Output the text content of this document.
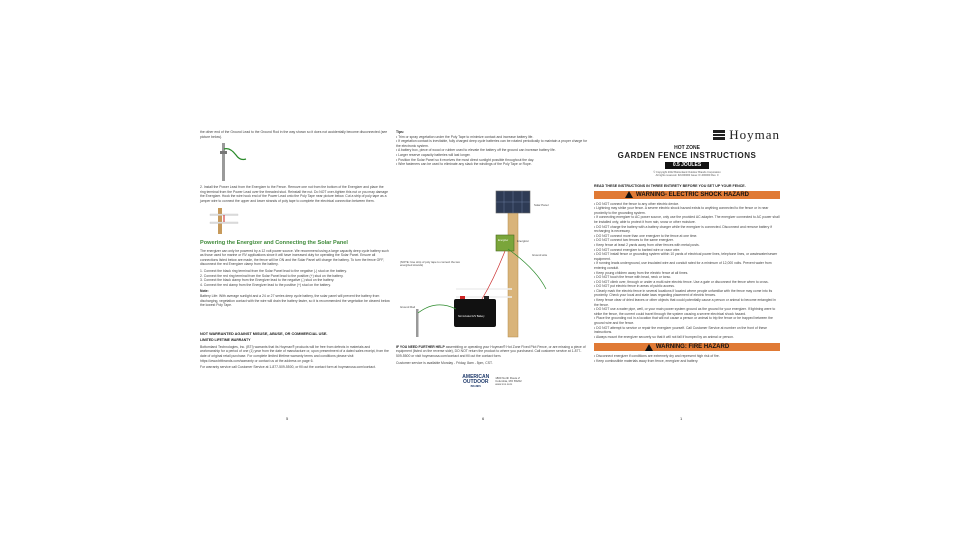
the other end of the Ground Lead to the Ground Rod in the way shown so it does not accidentally become disconnected (see picture below).

2. Install the Power Lead from the Energizer to the Fence. Remove one nut from the bottom of the Energizer and place the ring terminal from the Power Lead over the threaded stud. Reinstall the nut. Do NOT over-tighten this nut or you may damage the Energizer. Hook the wire hook end of the Power Lead onto the Poly Tape near picture below. Cut a strip of poly tape as a jumper wire to connect the upper and lower strands of poly tape to complete the electrical connection between them.

Powering the Energizer and Connecting the Solar Panel

The energizer can only be powered by a 12 volt power source. We recommend using a large capacity deep cycle battery such as those used for marine or RV applications since it will have increased duty for operating the Solar Panel. Ensure all connections listed below are made, the fence will be ON and the Solar Panel will charge the battery. To turn the fence OFF, disconnect the red Energizer clamp from the battery.

1. Connect the black ring terminal from the Solar Panel lead to the negative (-) stud on the battery.

2. Connect the red ring terminal from the Solar Panel lead to the positive (+) stud on the battery.

3. Connect the black clamp from the Energizer lead to the negative (-) stud on the battery.

4. Connect the red clamp from the Energizer lead to the positive (+) stud on the battery.

Note:

Battery Life: With average sunlight and a 24 or 27 series deep cycle battery, the solar panel will prevent the battery from discharging, vegetation contact with the wire will drain the battery faster, so it is recommended the vegetation be cleared below the lowest Poly Tape.

NOT WARRANTED AGAINST MISUSE, ABUSE, OR COMMERCIAL USE.

LIMITED LIFETIME WARRANTY

Bottomland Technologies, Inc. (BTI) warrants that its Hoyman® products will be free from defects in materials and workmanship for a period of one (1) year from the date of manufacture or, upon presentment of a dated sales receipt, from the date of original retail purchase. For complete limited lifetime warranty terms and conditions please visit https://www.bttbrands.com/warranty or contact us at the address on page 6.

For warranty service call Customer Service at 1-877-509-5500, or fill out the contact form at hoymanusa.com/contact.

5

Tips:

• Trim or spray vegetation under the Poly Tape to minimize contact and increase battery life.

• If vegetation contact is inevitable, fully charged deep cycle batteries can be rotated periodically to maintain a proper charge for the electronic system.

• A battery box, piece of wood or rubber used to elevate the battery off the ground can increase battery life.

• Larger reserve capacity batteries will last longer.

• Position the Solar Panel so it receives the most direct sunlight possible throughout the day.

• Wire fasteners can be used to eliminate any slack the windings of the Poly Tape or Rope.

Solar Panel
Energizer	Energizer
Ground wire
(NOTE: Use strip of poly tape to connect the two energized strands)
Ground Rod
Not included 12V Battery

IF YOU NEED FURTHER HELP assembling or operating your Hoyman® Hot Zone Fixed Plot Fence, or are missing a piece of equipment (listed on the reverse side), DO NOT return the product to where you purchased. Call customer service at 1-877-509-5500 or visit hoymanusa.com/contact and fill out the contact form.

Customer service is available Monday - Friday, 8am - 5pm, CST.

AMERICAN
OUTDOOR
BRANDS
1800 North Route Z
Columbia, MO 65202
www.xxx.com
6
Hoyman
HOT ZONE
GARDEN FENCE INSTRUCTIONS
0.5 JOULES
© Copyright 2022 Bottomland Outdoor Brands Corporation
All rights reserved. IM-000000 Issue: IF-000000 Rev. 0
READ THESE INSTRUCTIONS IN THREE ENTIRETY BEFORE YOU SET UP YOUR FENCE.
WARNING- ELECTRIC SHOCK HAZARD
• DO NOT connect the fence to any other electric device.
• Lightning may strike your fence. A severe electric shock hazard exists to anything connected to the fence or in near proximity to the grounding system.
• If connecting energizer to AC power source, only use the provided AC adapter. The energizer connected to AC power shall be installed only, able to protect it from rain, snow or other moisture.
• DO NOT charge the battery with a battery charger while the energizer is connected. Disconnect and remove battery if recharging is necessary.
• DO NOT connect more than one energizer to the fence at one time.
• DO NOT connect two fences to the same energizer.
• Keep fence at least 2 yards away from other fences with metal posts.
• DO NOT connect energizer to barbed wire or razor wire.
• DO NOT install fence or grounding system within 10 yards of electrical power lines, telephone lines, or wastewater/sewer equipment.
• If running leads underground, use insulated wire and conduit rated for a minimum of 12,000 volts. Prevent water from entering conduit.
• Keep young children away from the electric fence at all times.
• DO NOT touch the fence with head, neck or torso.
• DO NOT climb over, through or under a multi-wire electric fence. Use a gate or disconnect the fence when to cross.
• DO NOT put electric fence in areas of public access.
• Clearly mark the electric fence in several locations if located where people unfamiliar with the fence may come into its proximity. Check your local and state laws regarding placement of electric fences.
• Keep fence clear of dried leaves or other objects that could potentially cause a person or animal to become entangled in the fence.
• DO NOT use a water pipe, well, or your main power system ground as the ground for your energizer. If lightning were to strike the fence, the current could travel through the system causing a severe electrical shock hazard.
• Place the grounding rod in a location that will not cause a person or animal to trip the fence or be trapped between the ground wire and the fence.
• DO NOT attempt to service or repair the energizer yourself. Call Customer Service at number on the front of these instructions.
• Always mount the energizer securely so that it will not fall if bumped by an animal or person.
WARNING: FIRE HAZARD
• Disconnect energizer if conditions are extremely dry and represent high risk of fire.
• Keep combustible materials away from fence, energizer and battery.
1
